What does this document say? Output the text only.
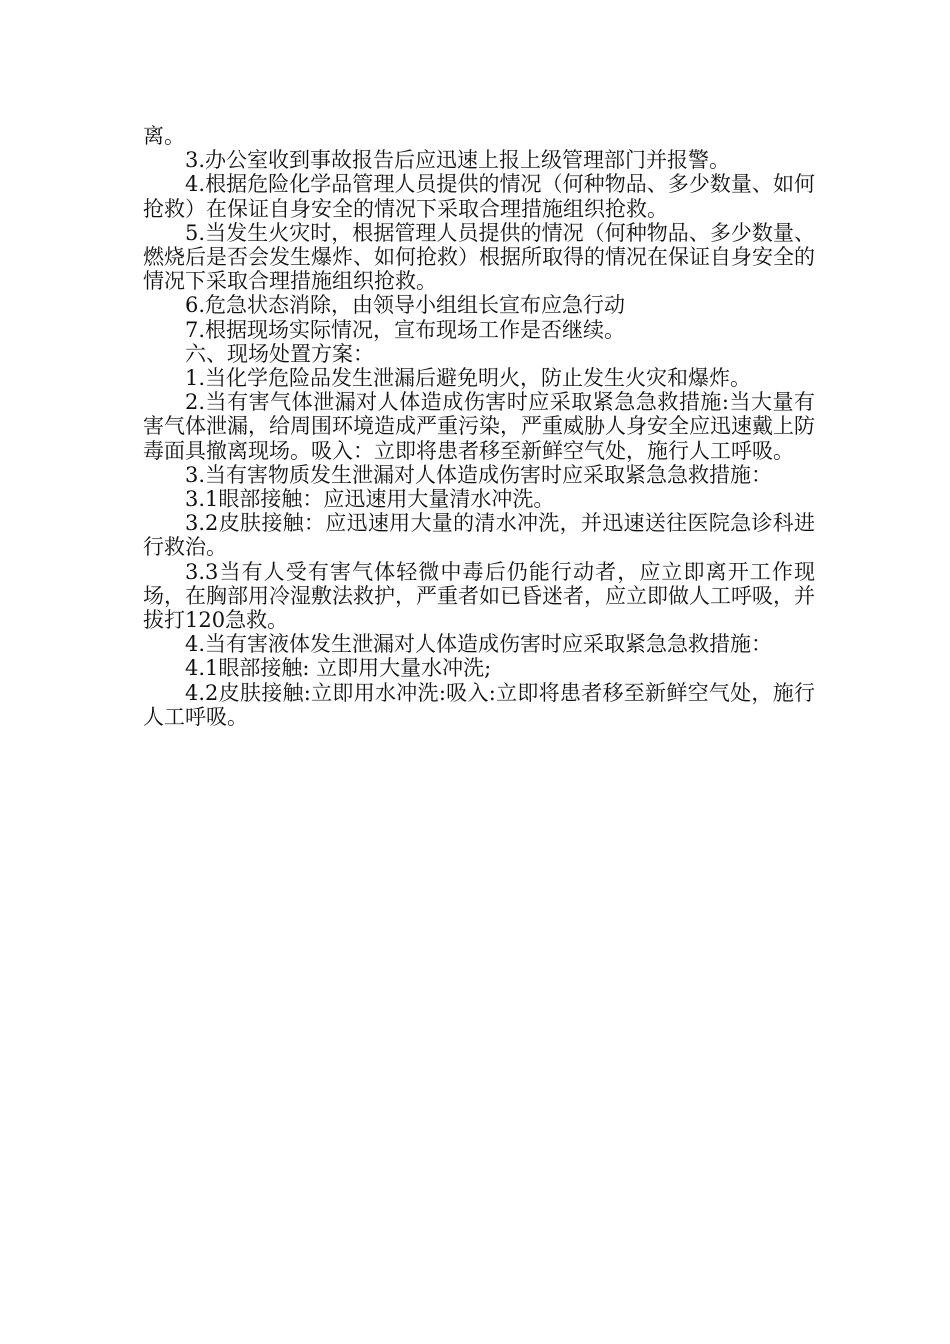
离。

3.办公室收到事故报告后应迅速上报上级管理部门并报警。

4.根据危险化学品管理人员提供的情况（何种物品、多少数量、如何抢救）在保证自身安全的情况下采取合理措施组织抢救。

5.当发生火灾时，根据管理人员提供的情况（何种物品、多少数量、燃烧后是否会发生爆炸、如何抢救）根据所取得的情况在保证自身安全的情况下采取合理措施组织抢救。

6.危急状态消除，由领导小组组长宣布应急行动

7.根据现场实际情况，宣布现场工作是否继续。

六、现场处置方案：

1.当化学危险品发生泄漏后避免明火，防止发生火灾和爆炸。

2.当有害气体泄漏对人体造成伤害时应采取紧急急救措施:当大量有害气体泄漏，给周围环境造成严重污染，严重威胁人身安全应迅速戴上防毒面具撤离现场。吸入：立即将患者移至新鲜空气处，施行人工呼吸。

3.当有害物质发生泄漏对人体造成伤害时应采取紧急急救措施：

3.1眼部接触：应迅速用大量清水冲洗。

3.2皮肤接触：应迅速用大量的清水冲洗，并迅速送往医院急诊科进行救治。

3.3当有人受有害气体轻微中毒后仍能行动者，应立即离开工作现场，在胸部用冷湿敷法救护，严重者如已昏迷者，应立即做人工呼吸，并拔打120急救。

4.当有害液体发生泄漏对人体造成伤害时应采取紧急急救措施：

4.1眼部接触: 立即用大量水冲洗;

4.2皮肤接触:立即用水冲洗:吸入:立即将患者移至新鲜空气处，施行人工呼吸。
